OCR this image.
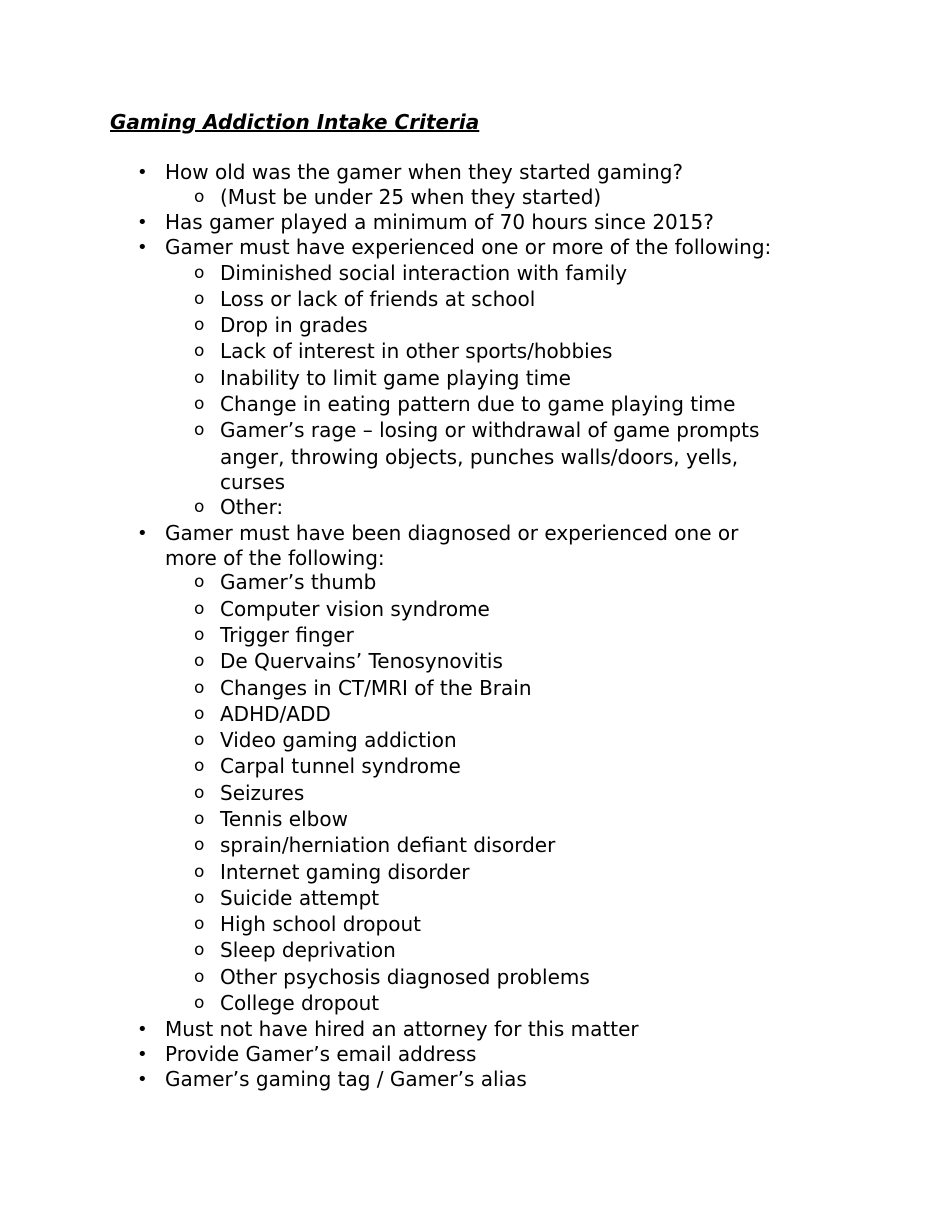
Gaming Addiction Intake Criteria
• How old was the gamer when they started gaming?
o (Must be under 25 when they started)
• Has gamer played a minimum of 70 hours since 2015?
• Gamer must have experienced one or more of the following:
o Diminished social interaction with family
o Loss or lack of friends at school
o Drop in grades
o Lack of interest in other sports/hobbies
o Inability to limit game playing time
o Change in eating pattern due to game playing time
o Gamer’s rage – losing or withdrawal of game prompts
anger, throwing objects, punches walls/doors, yells,
curses
o Other:
• Gamer must have been diagnosed or experienced one or
more of the following:
o Gamer’s thumb
o Computer vision syndrome
o Trigger finger
o De Quervains’ Tenosynovitis
o Changes in CT/MRI of the Brain
o ADHD/ADD
o Video gaming addiction
o Carpal tunnel syndrome
o Seizures
o Tennis elbow
o sprain/herniation defiant disorder
o Internet gaming disorder
o Suicide attempt
o High school dropout
o Sleep deprivation
o Other psychosis diagnosed problems
o College dropout
• Must not have hired an attorney for this matter
• Provide Gamer’s email address
• Gamer’s gaming tag / Gamer’s alias
